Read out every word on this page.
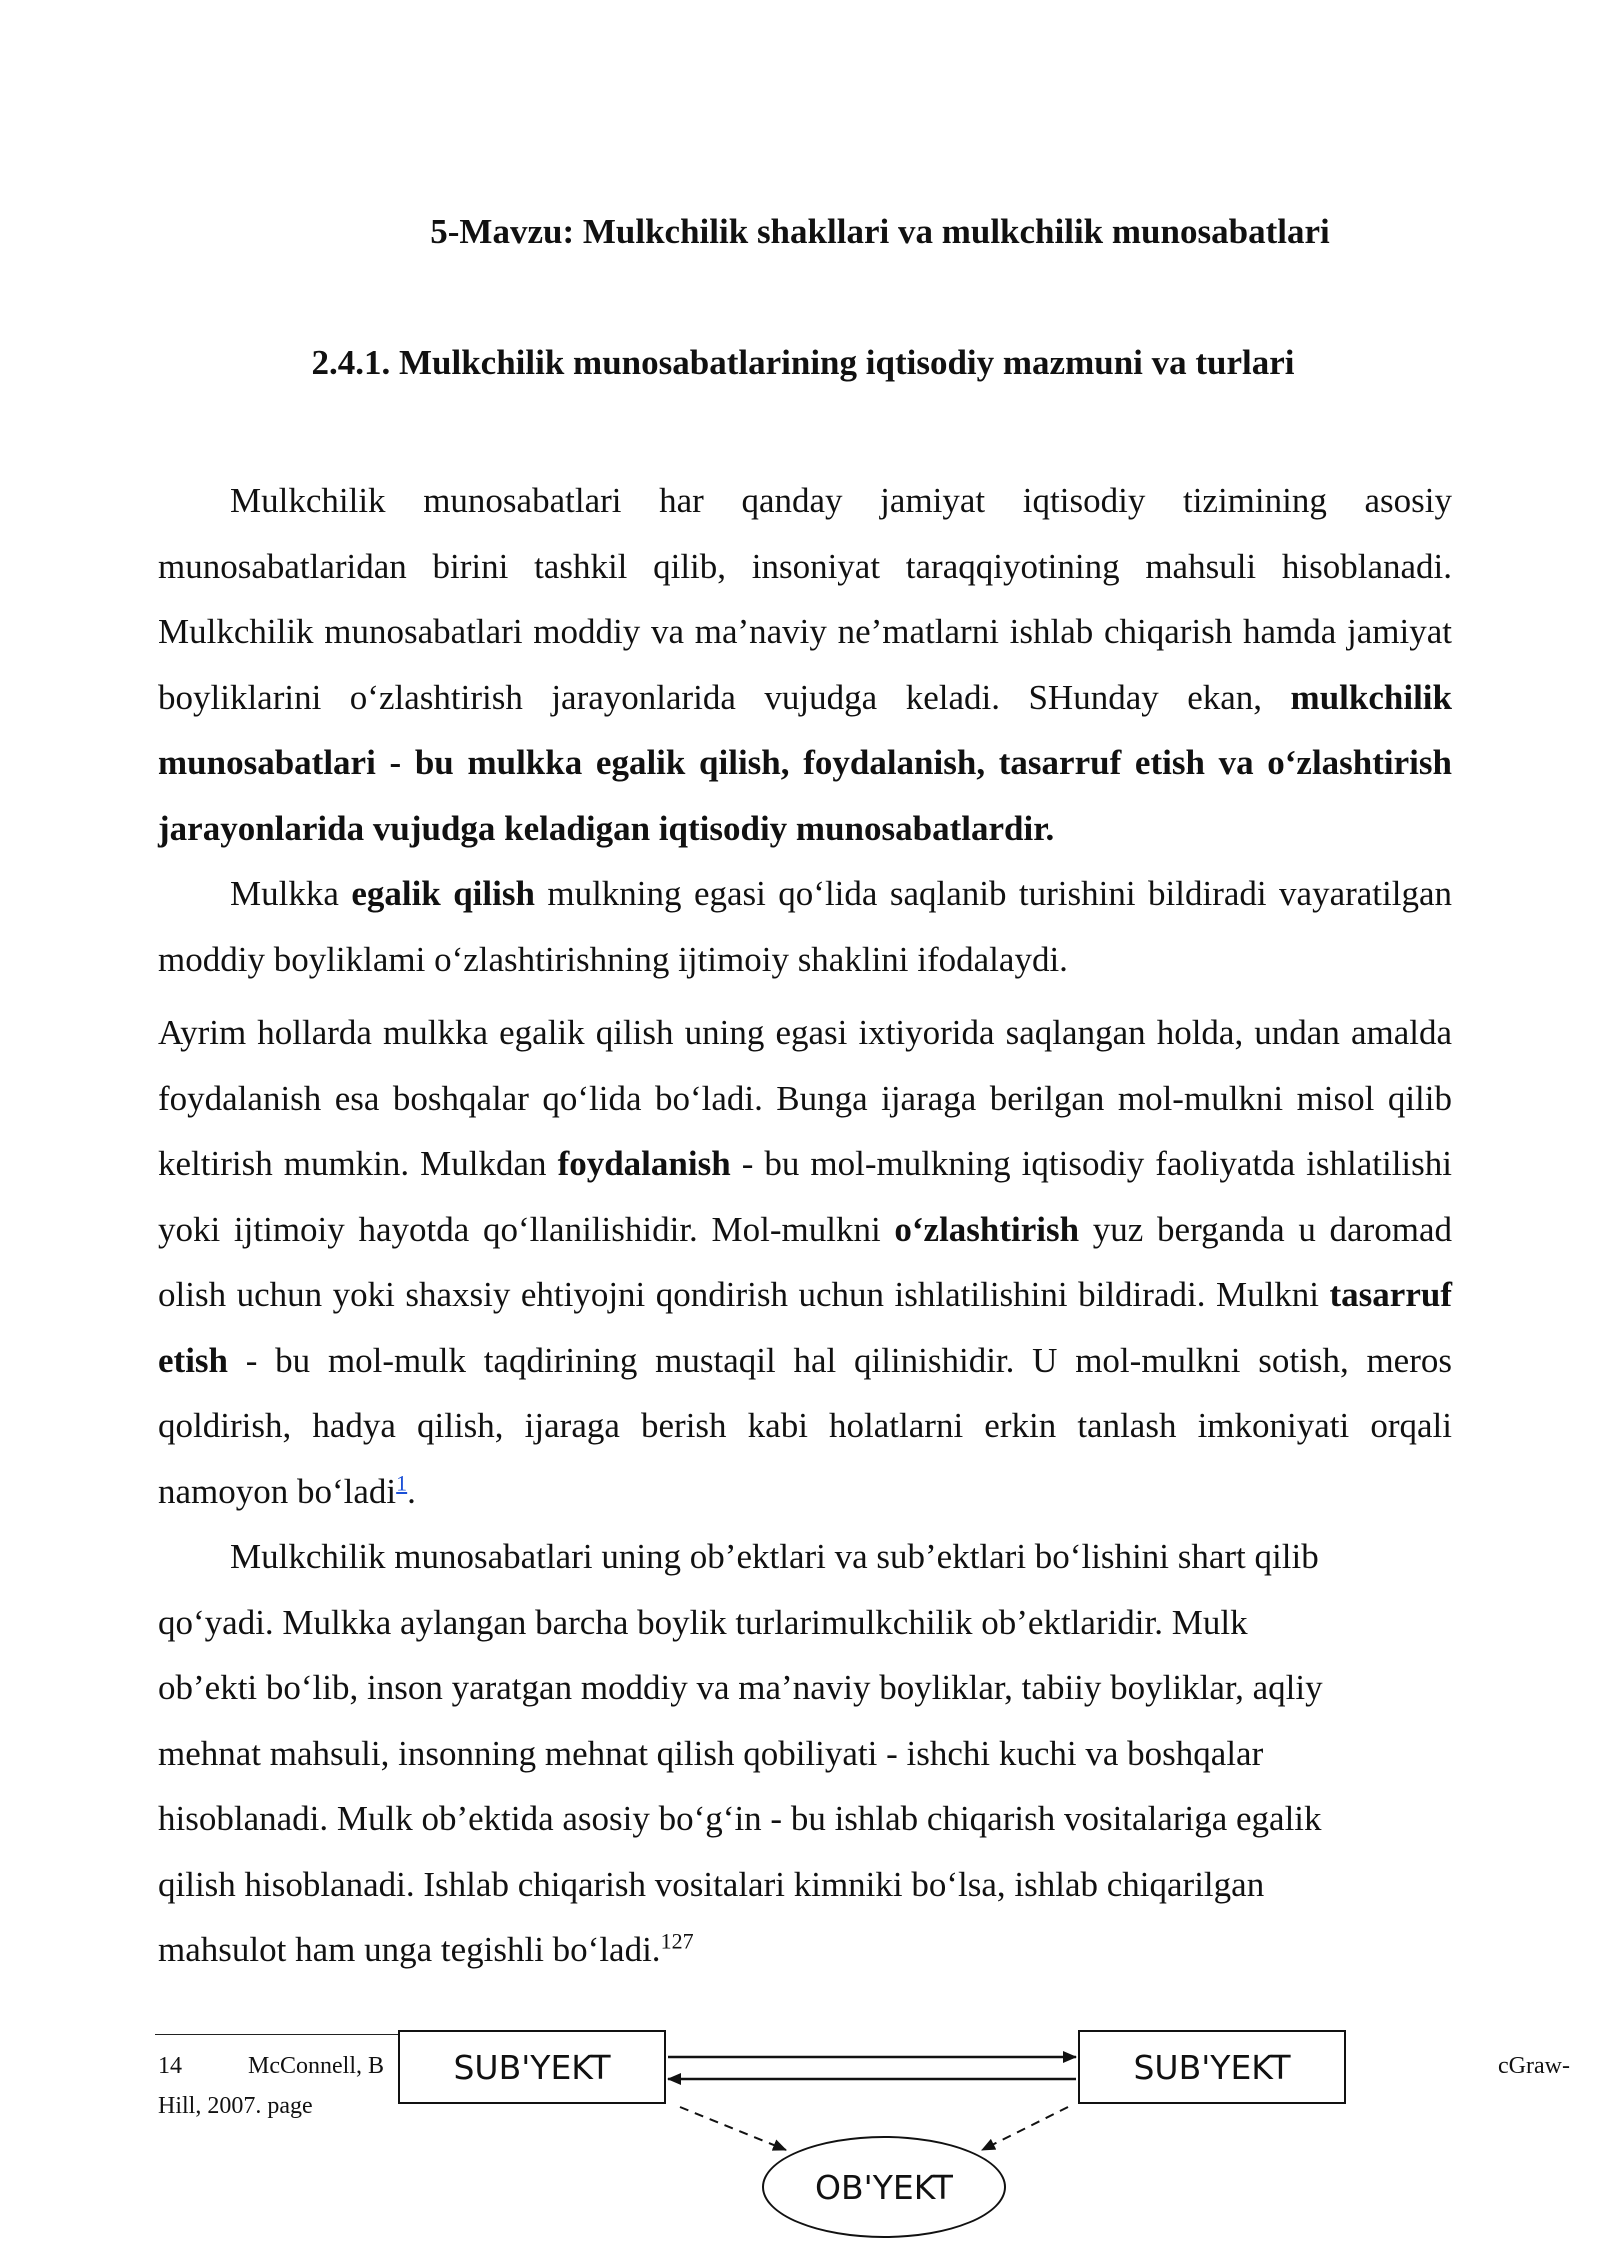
5-Mavzu: Mulkchilik shakllari va mulkchilik munosabatlari
2.4.1. Mulkchilik munosabatlarining iqtisodiy mazmuni va turlari

Mulkchilik munosabatlari har qanday jamiyat iqtisodiy tizimining asosiy munosabatlaridan birini tashkil qilib, insoniyat taraqqiyotining mahsuli hisoblanadi. Mulkchilik munosabatlari moddiy va ma’naviy ne’matlarni ishlab chiqarish hamda jamiyat boyliklarini o‘zlashtirish jarayonlarida vujudga keladi. SHunday ekan, mulkchilik munosabatlari - bu mulkka egalik qilish, foydalanish, tasarruf etish va o‘zlashtirish jarayonlarida vujudga keladigan iqtisodiy munosabatlardir.

Mulkka egalik qilish mulkning egasi qo‘lida saqlanib turishini bildiradi vayaratilgan moddiy boyliklami o‘zlashtirishning ijtimoiy shaklini ifodalaydi.

Ayrim hollarda mulkka egalik qilish uning egasi ixtiyorida saqlangan holda, undan amalda foydalanish esa boshqalar qo‘lida bo‘ladi. Bunga ijaraga berilgan mol-mulkni misol qilib keltirish mumkin. Mulkdan foydalanish - bu mol-mulkning iqtisodiy faoliyatda ishlatilishi yoki ijtimoiy hayotda qo‘llanilishidir. Mol-mulkni o‘zlashtirish yuz berganda u daromad olish uchun yoki shaxsiy ehtiyojni qondirish uchun ishlatilishini bildiradi. Mulkni tasarruf etish - bu mol-mulk taqdirining mustaqil hal qilinishidir. U mol-mulkni sotish, meros qoldirish, hadya qilish, ijaraga berish kabi holatlarni erkin tanlash imkoniyati orqali namoyon bo‘ladi$^1$.

Mulkchilik munosabatlari uning ob’ektlari va sub’ektlari bo‘lishini shart qilib
qo‘yadi. Mulkka aylangan barcha boylik turlarimulkchilik ob’ektlaridir. Mulk
ob’ekti bo‘lib, inson yaratgan moddiy va ma’naviy boyliklar, tabiiy boyliklar, aqliy
mehnat mahsuli, insonning mehnat qilish qobiliyati - ishchi kuchi va boshqalar
hisoblanadi. Mulk ob’ektida asosiy bo‘g‘in - bu ishlab chiqarish vositalariga egalik
qilish hisoblanadi. Ishlab chiqarish vositalari kimniki bo‘lsa, ishlab chiqarilgan
mahsulot ham unga tegishli bo‘ladi.$^{127}$

14	McConnell, B	cGraw-
Hill, 2007. page
SUB'YEKT	SUB'YEKT
OB'YEKT
